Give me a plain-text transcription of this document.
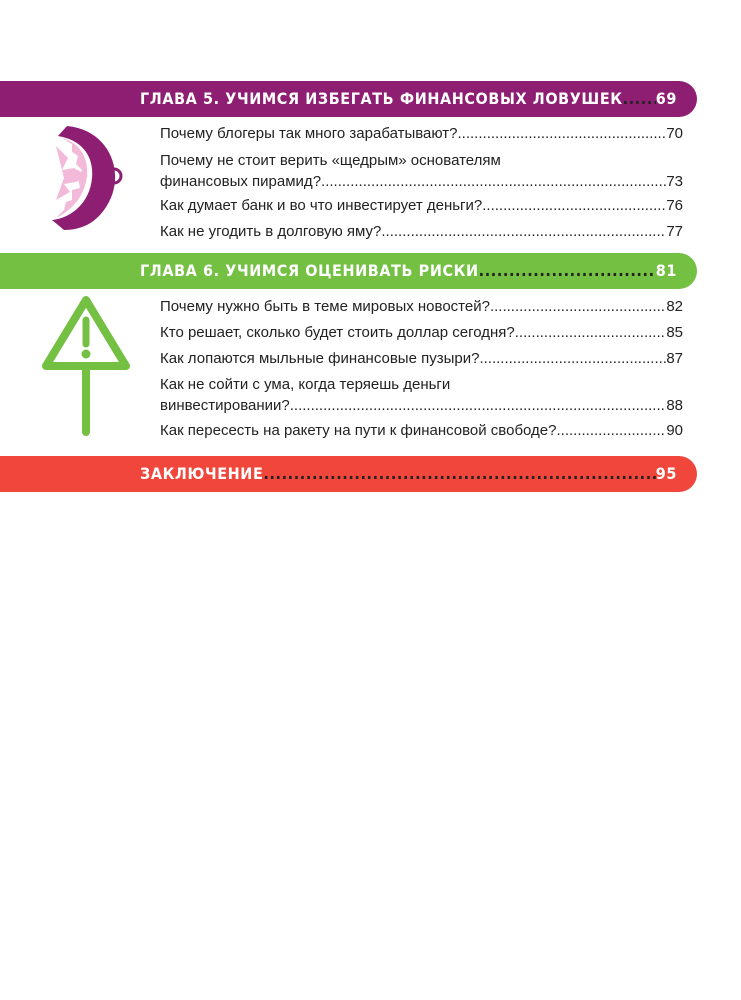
ГЛАВА 5. УЧИМСЯ ИЗБЕГАТЬ ФИНАНСОВЫХ ЛОВУШЕК ..... 69
Почему блогеры так много зарабатывают? .....	70
Почему не стоит верить «щедрым» основателям
финансовых пирамид? .....	73
Как думает банк и во что инвестирует деньги? .....	76
Как не угодить в долговую яму? .....	77
ГЛАВА 6. УЧИМСЯ ОЦЕНИВАТЬ РИСКИ .....	81
Почему нужно быть в теме мировых новостей? .....	82
Кто решает, сколько будет стоить доллар сегодня? .....	85
Как лопаются мыльные финансовые пузыри? .....	87
Как не сойти с ума, когда теряешь деньги
винвестировании? .....	88
Как пересесть на ракету на пути к финансовой свободе? .....	90
ЗАКЛЮЧЕНИЕ .....	95
